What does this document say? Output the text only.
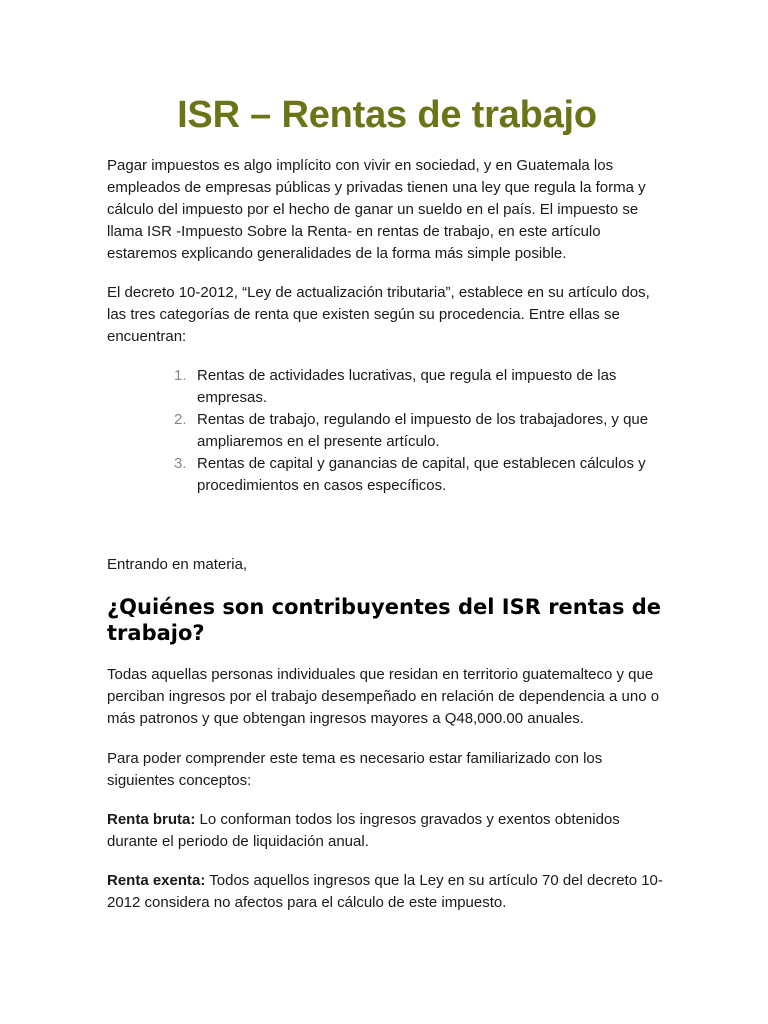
ISR – Rentas de trabajo

Pagar impuestos es algo implícito con vivir en sociedad, y en Guatemala los empleados de empresas públicas y privadas tienen una ley que regula la forma y cálculo del impuesto por el hecho de ganar un sueldo en el país. El impuesto se llama ISR -Impuesto Sobre la Renta- en rentas de trabajo, en este artículo estaremos explicando generalidades de la forma más simple posible.

El decreto 10-2012, “Ley de actualización tributaria”, establece en su artículo dos, las tres categorías de renta que existen según su procedencia. Entre ellas se encuentran:

1. Rentas de actividades lucrativas, que regula el impuesto de las empresas.
2. Rentas de trabajo, regulando el impuesto de los trabajadores, y que ampliaremos en el presente artículo.
3. Rentas de capital y ganancias de capital, que establecen cálculos y procedimientos en casos específicos.

Entrando en materia,

¿Quiénes son contribuyentes del ISR rentas de trabajo?

Todas aquellas personas individuales que residan en territorio guatemalteco y que perciban ingresos por el trabajo desempeñado en relación de dependencia a uno o más patronos y que obtengan ingresos mayores a Q48,000.00 anuales.

Para poder comprender este tema es necesario estar familiarizado con los siguientes conceptos:

Renta bruta: Lo conforman todos los ingresos gravados y exentos obtenidos durante el periodo de liquidación anual.

Renta exenta: Todos aquellos ingresos que la Ley en su artículo 70 del decreto 10-2012 considera no afectos para el cálculo de este impuesto.
